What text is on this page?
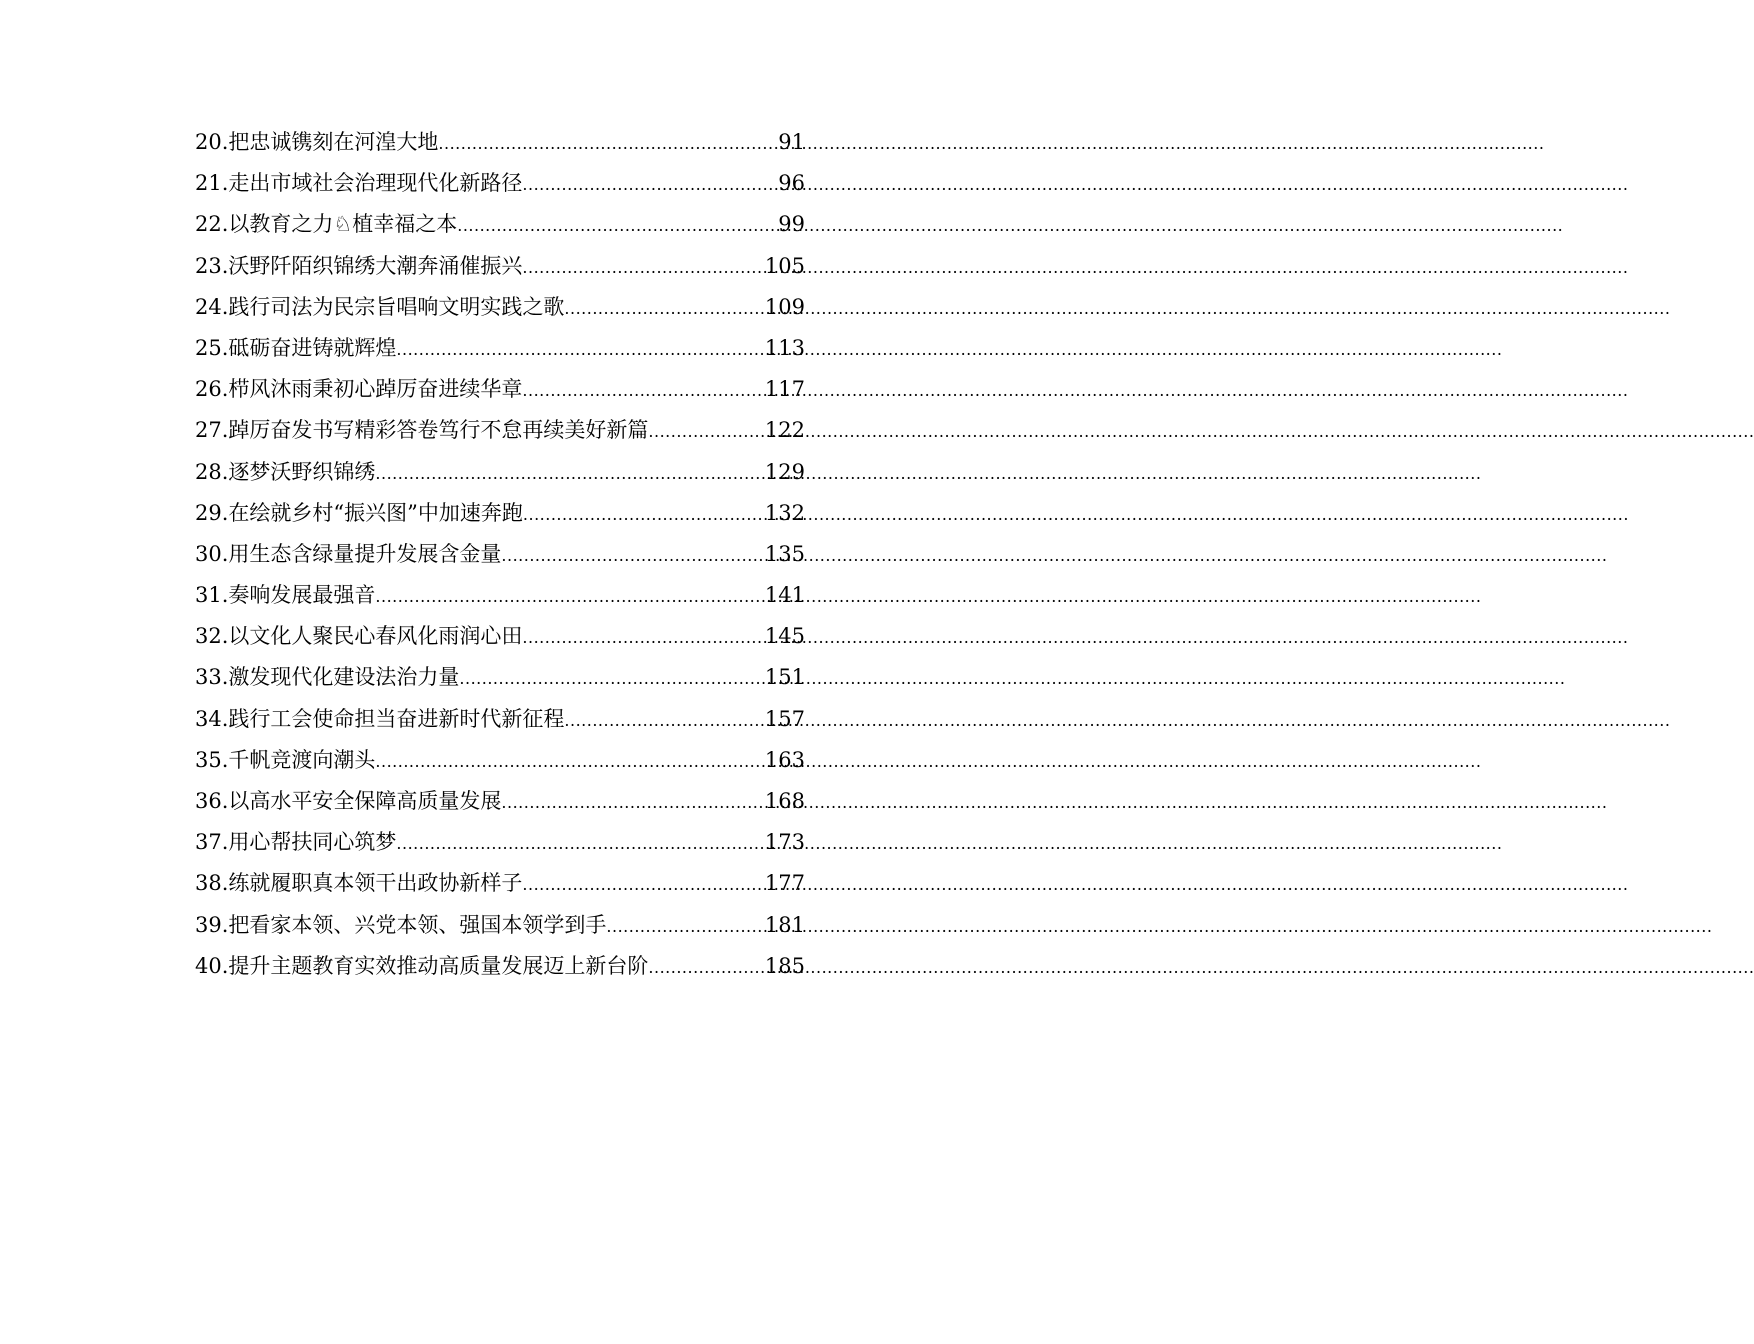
20. 把忠诚镌刻在河湟大地 .....	91
21. 走出市域社会治理现代化新路径 .....	96
22. 以教育之力♘植幸福之本 .....	99
23. 沃野阡陌织锦绣大潮奔涌催振兴 .....	105
24. 践行司法为民宗旨唱响文明实践之歌 .....	109
25. 砥砺奋进铸就辉煌 .....	113
26. 栉风沐雨秉初心踔厉奋进续华章 .....	117
27. 踔厉奋发书写精彩答卷笃行不怠再续美好新篇 .....	122
28. 逐梦沃野织锦绣 .....	129
29. 在绘就乡村“振兴图”中加速奔跑 .....	132
30. 用生态含绿量提升发展含金量 .....	135
31. 奏响发展最强音 .....	141
32. 以文化人聚民心春风化雨润心田 .....	145
33. 激发现代化建设法治力量 .....	151
34. 践行工会使命担当奋进新时代新征程 .....	157
35. 千帆竞渡向潮头 .....	163
36. 以高水平安全保障高质量发展 .....	168
37. 用心帮扶同心筑梦 .....	173
38. 练就履职真本领干出政协新样子 .....	177
39. 把看家本领、兴党本领、强国本领学到手 .....	181
40. 提升主题教育实效推动高质量发展迈上新台阶 .....	185
